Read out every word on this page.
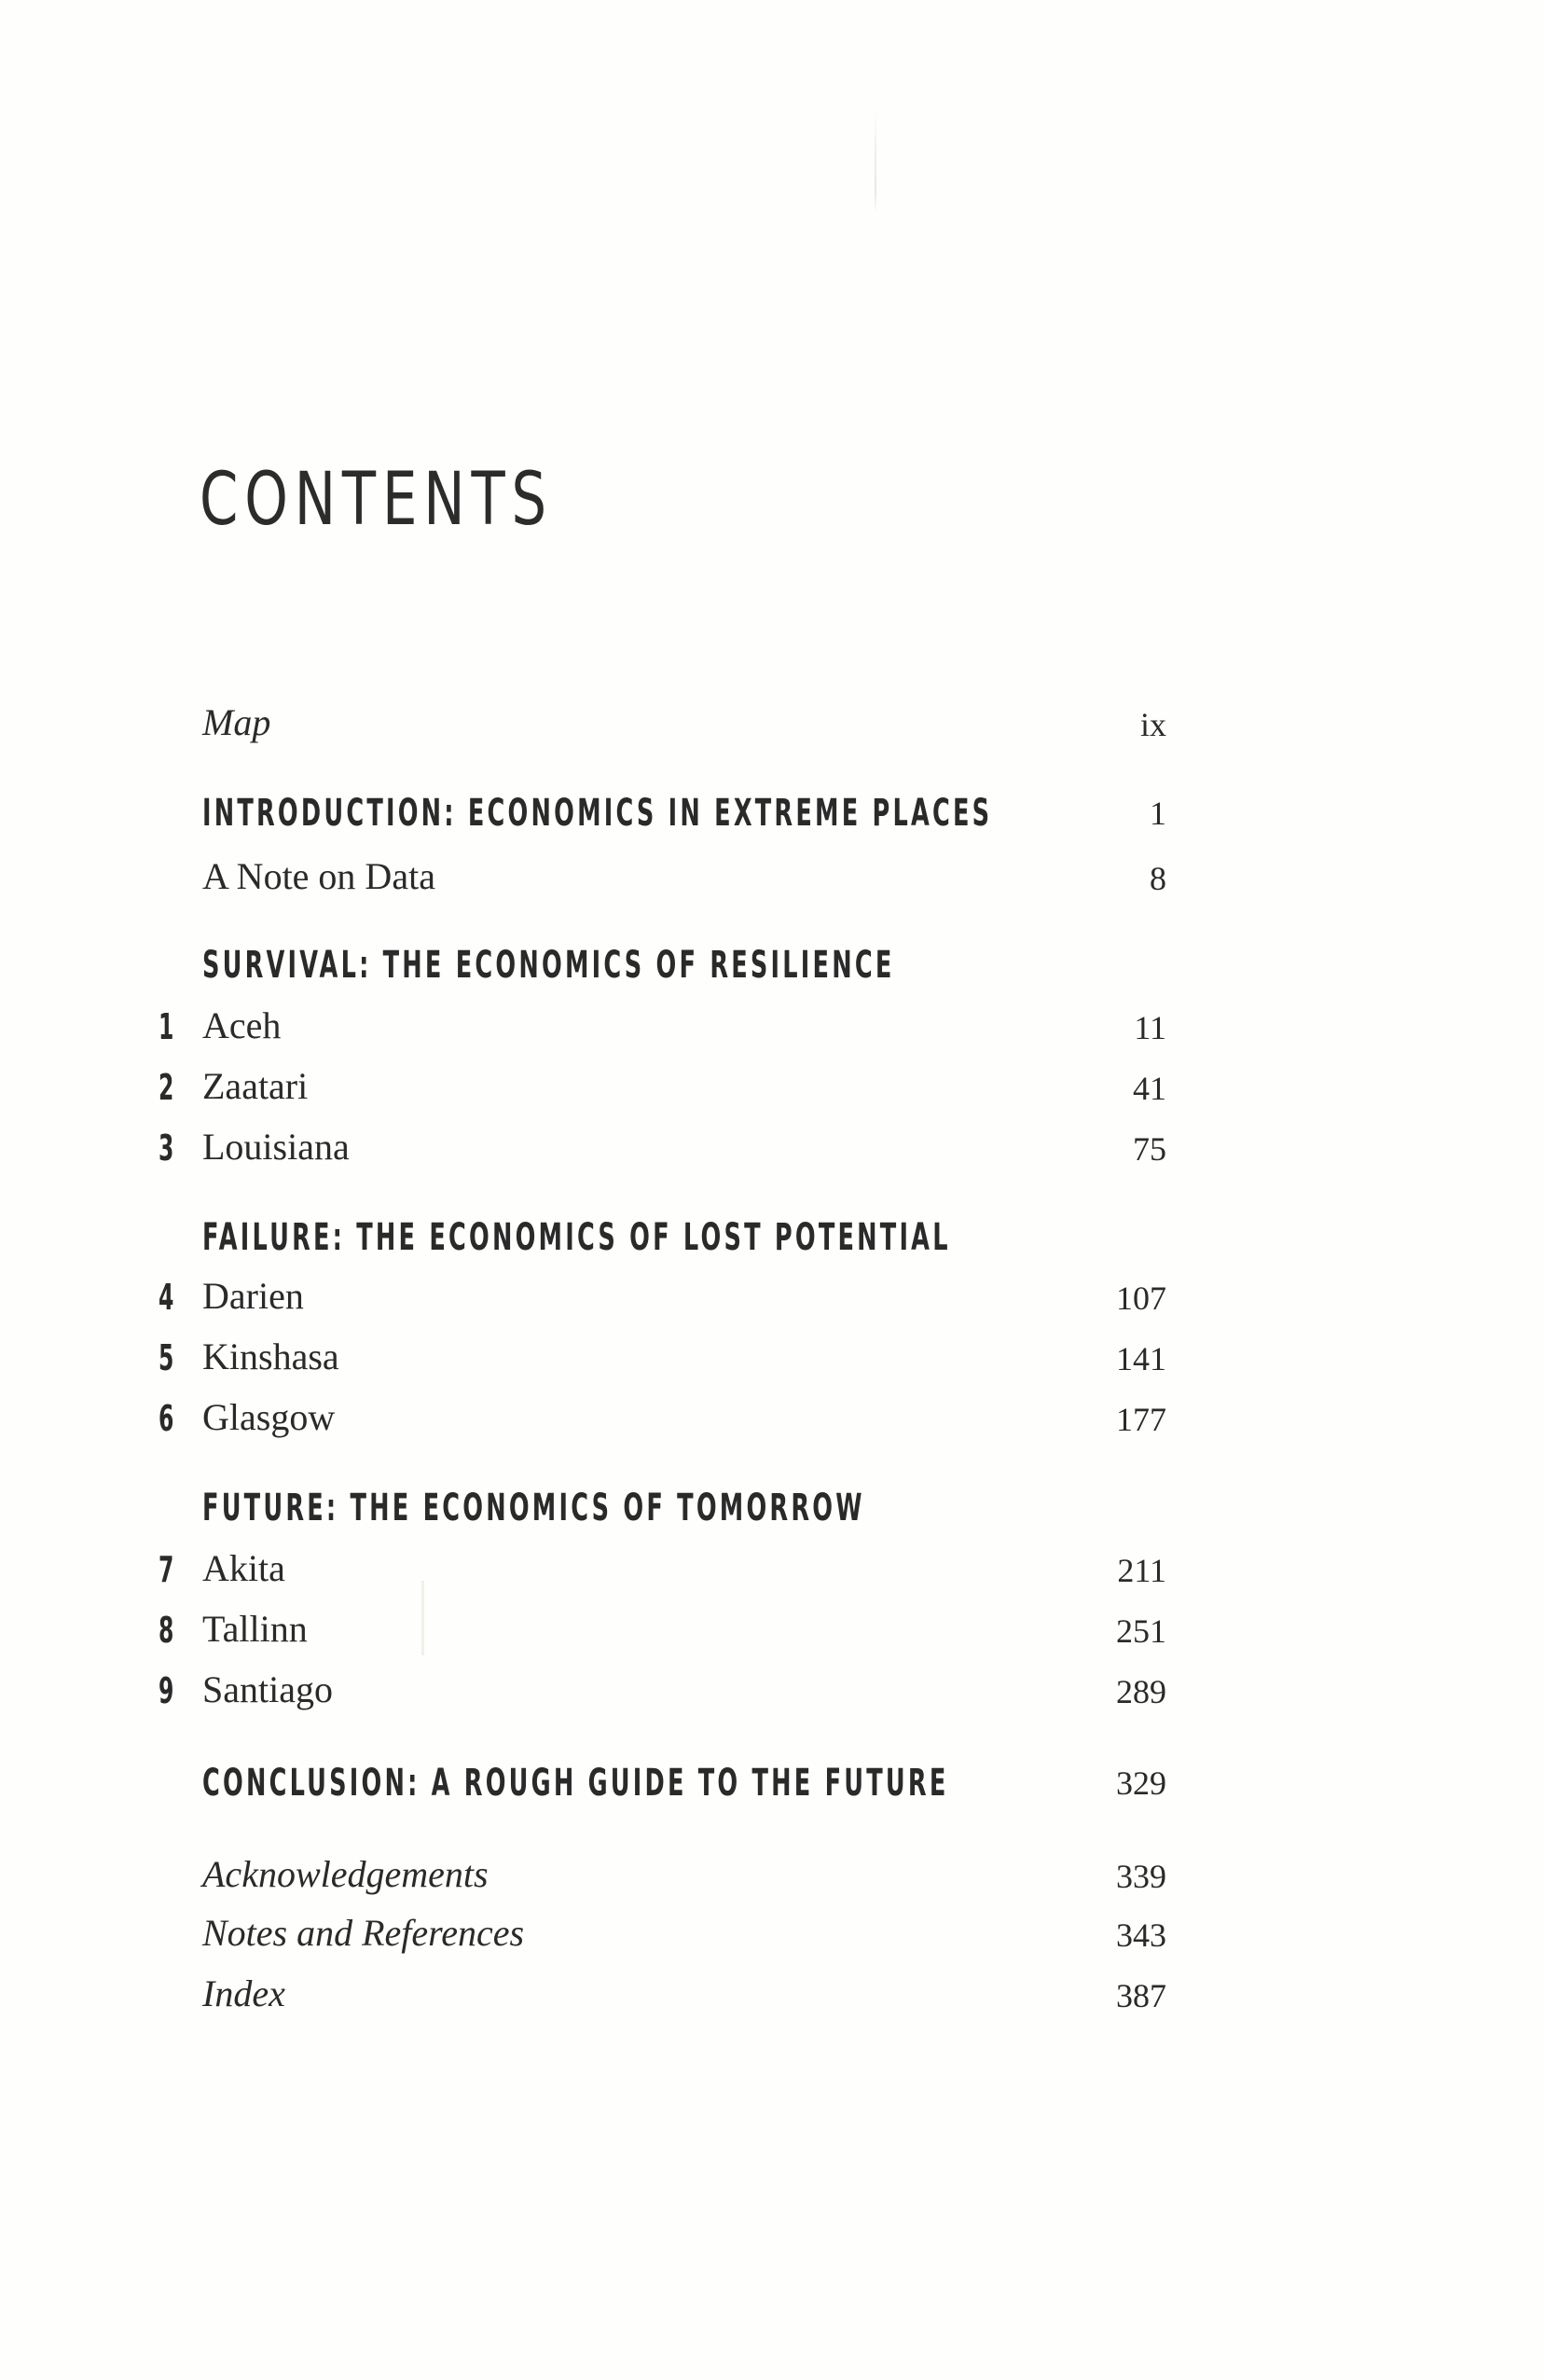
CONTENTS
Map	ix
INTRODUCTION: ECONOMICS IN EXTREME PLACES	1
A Note on Data	8
SURVIVAL: THE ECONOMICS OF RESILIENCE
1 Aceh	11
2 Zaatari	41
3 Louisiana	75
FAILURE: THE ECONOMICS OF LOST POTENTIAL
4 Darien	107
5 Kinshasa	141
6 Glasgow	177
FUTURE: THE ECONOMICS OF TOMORROW
7 Akita	211
8 Tallinn	251
9 Santiago	289
CONCLUSION: A ROUGH GUIDE TO THE FUTURE	329
Acknowledgements	339
Notes and References	343
Index	387
